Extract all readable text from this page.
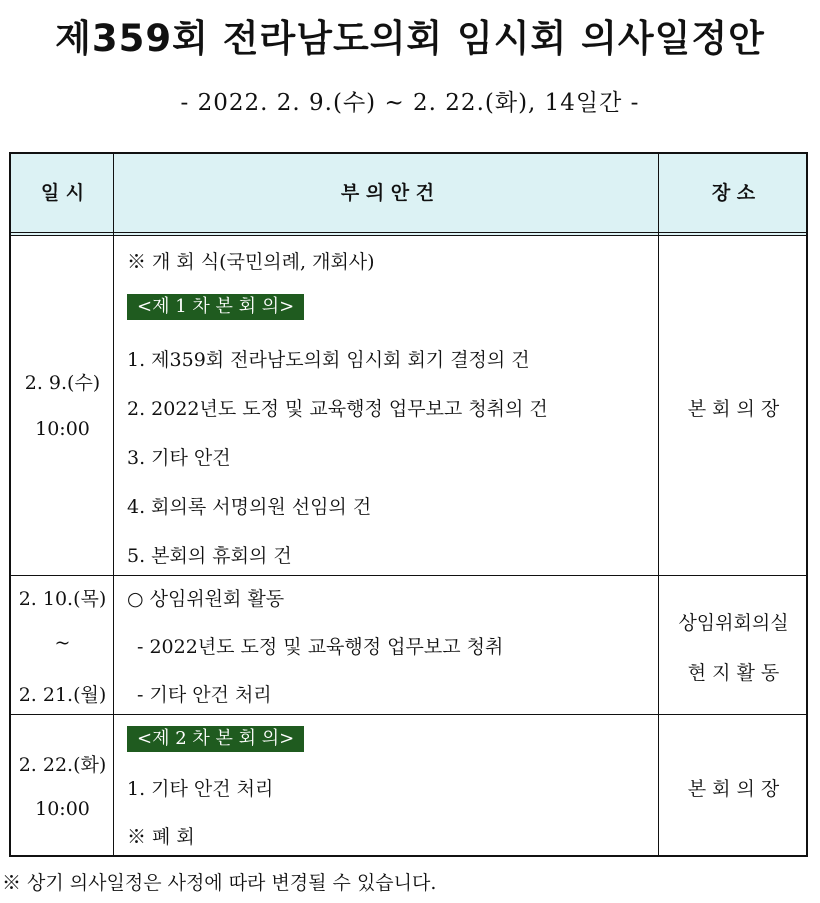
제359회 전라남도의회 임시회 의사일정안
- 2022. 2. 9.(수) ~ 2. 22.(화), 14일간 -
일 시	부 의 안 건	장 소
2. 9.(수)
10:00
※ 개 회 식(국민의례, 개회사)
<제 1 차 본 회 의>
1. 제359회 전라남도의회 임시회 회기 결정의 건
2. 2022년도 도정 및 교육행정 업무보고 청취의 건
3. 기타 안건
4. 회의록 서명의원 선임의 건
5. 본회의 휴회의 건
본 회 의 장
2. 10.(목)
~
2. 21.(월)
○ 상임위원회 활동
- 2022년도 도정 및 교육행정 업무보고 청취
- 기타 안건 처리
상임위회의실
현 지 활 동
2. 22.(화)
10:00
<제 2 차 본 회 의>
1. 기타 안건 처리
※ 폐 회
본 회 의 장
※ 상기 의사일정은 사정에 따라 변경될 수 있습니다.
